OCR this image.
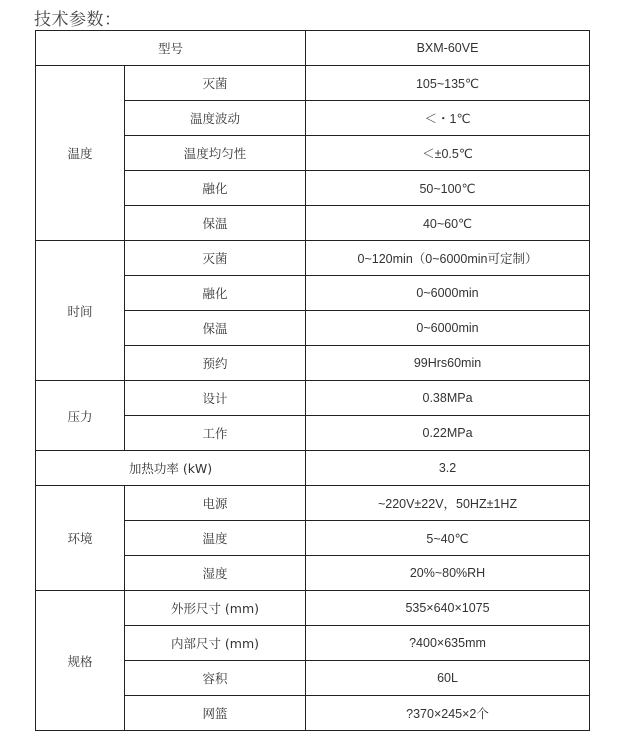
技术参数：
型号		BXM-60VE
温度	灭菌	105~135℃
	温度波动	＜・1℃
	温度均匀性	＜±0.5℃
	融化	50~100℃
	保温	40~60℃
时间	灭菌	0~120min（0~6000min可定制）
	融化	0~6000min
	保温	0~6000min
	预约	99Hrs60min
压力	设计	0.38MPa
	工作	0.22MPa
加热功率 (kW)		3.2
环境	电源	~220V±22V，50HZ±1HZ
	温度	5~40℃
	湿度	20%~80%RH
规格	外形尺寸 (mm)	535×640×1075
	内部尺寸 (mm)	?400×635mm
	容积	60L
	网篮	?370×245×2个
